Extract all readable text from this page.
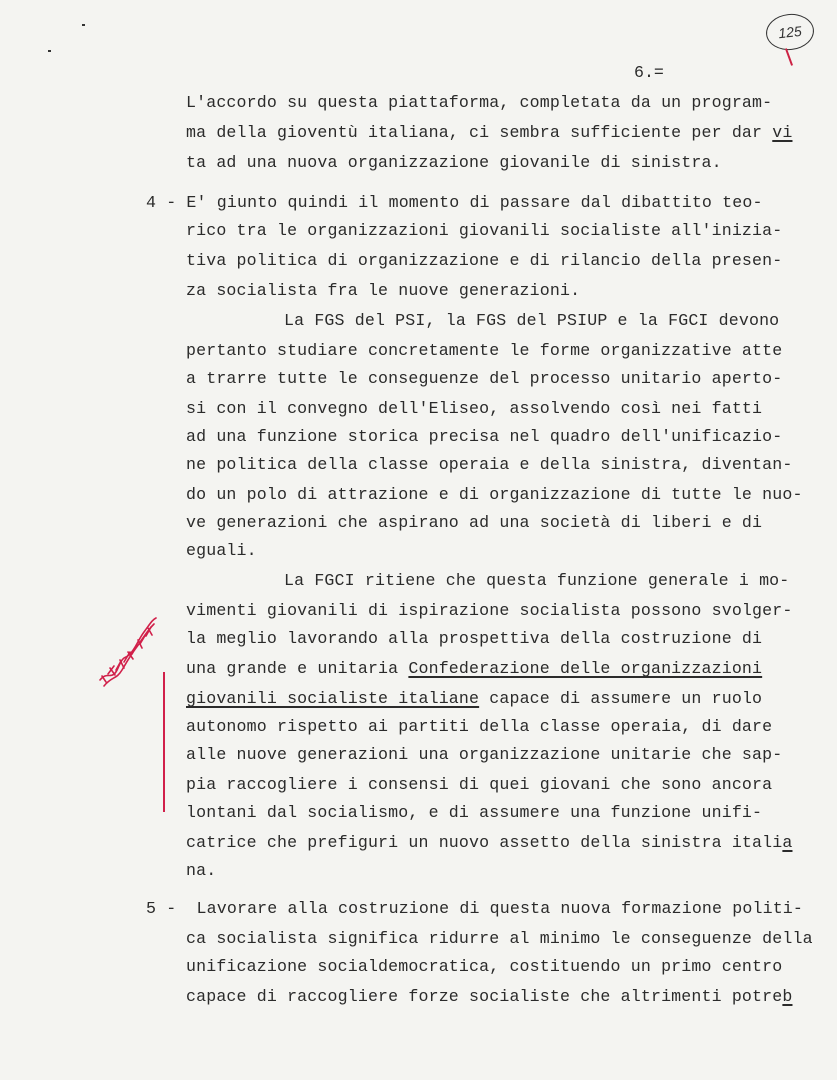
125
6.=
L'accordo su questa piattaforma, completata da un program-
ma della gioventù italiana, ci sembra sufficiente per dar vi
ta ad una nuova organizzazione giovanile di sinistra.
4 - E' giunto quindi il momento di passare dal dibattito teo-
rico tra le organizzazioni giovanili socialiste all'inizia-
tiva politica di organizzazione e di rilancio della presen-
za socialista fra le nuove generazioni.
La FGS del PSI, la FGS del PSIUP e la FGCI devono
pertanto studiare concretamente le forme organizzative atte
a trarre tutte le conseguenze del processo unitario aperto-
si con il convegno dell'Eliseo, assolvendo così nei fatti
ad una funzione storica precisa nel quadro dell'unificazio-
ne politica della classe operaia e della sinistra, diventan-
do un polo di attrazione e di organizzazione di tutte le nuo-
ve generazioni che aspirano ad una società di liberi e di
eguali.
La FGCI ritiene che questa funzione generale i mo-
vimenti giovanili di ispirazione socialista possono svolger-
la meglio lavorando alla prospettiva della costruzione di
una grande e unitaria Confederazione delle organizzazioni
giovanili socialiste italiane capace di assumere un ruolo
autonomo rispetto ai partiti della classe operaia, di dare
alle nuove generazioni una organizzazione unitarie che sap-
pia raccogliere i consensi di quei giovani che sono ancora
lontani dal socialismo, e di assumere una funzione unifi-
catrice che prefiguri un nuovo assetto della sinistra italia
na.
5 -  Lavorare alla costruzione di questa nuova formazione politi-
ca socialista significa ridurre al minimo le conseguenze della
unificazione socialdemocratica, costituendo un primo centro
capace di raccogliere forze socialiste che altrimenti potreb
